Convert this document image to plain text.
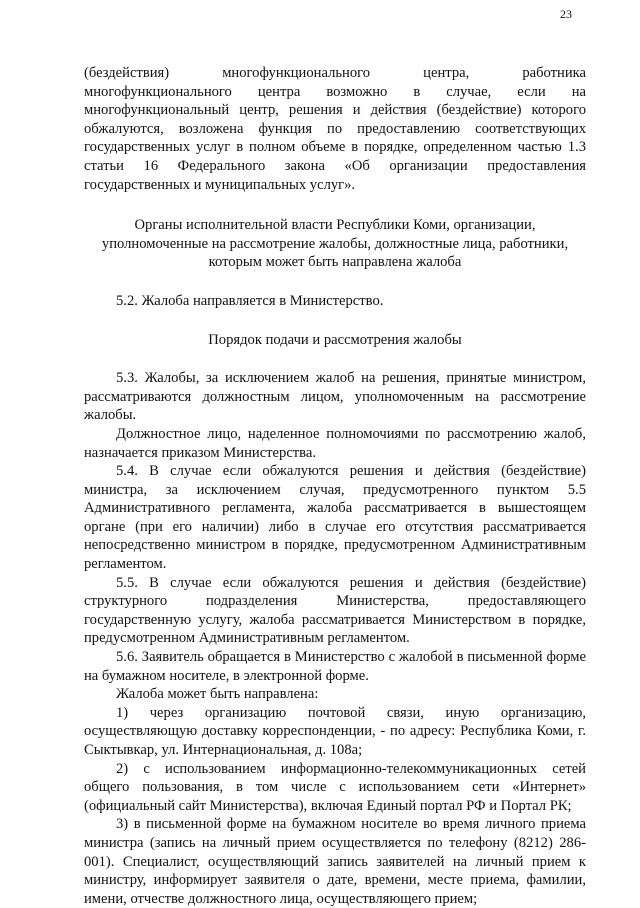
23

(бездействия) многофункционального центра, работника многофункционального центра возможно в случае, если на многофункциональный центр, решения и действия (бездействие) которого обжалуются, возложена функция по предоставлению соответствующих государственных услуг в полном объеме в порядке, определенном частью 1.3 статьи 16 Федерального закона «Об организации предоставления государственных и муниципальных услуг».

Органы исполнительной власти Республики Коми, организации, уполномоченные на рассмотрение жалобы, должностные лица, работники, которым может быть направлена жалоба

5.2. Жалоба направляется в Министерство.

Порядок подачи и рассмотрения жалобы

5.3. Жалобы, за исключением жалоб на решения, принятые министром, рассматриваются должностным лицом, уполномоченным на рассмотрение жалобы.

Должностное лицо, наделенное полномочиями по рассмотрению жалоб, назначается приказом Министерства.

5.4. В случае если обжалуются решения и действия (бездействие) министра, за исключением случая, предусмотренного пунктом 5.5 Административного регламента, жалоба рассматривается в вышестоящем органе (при его наличии) либо в случае его отсутствия рассматривается непосредственно министром в порядке, предусмотренном Административным регламентом.

5.5. В случае если обжалуются решения и действия (бездействие) структурного подразделения Министерства, предоставляющего государственную услугу, жалоба рассматривается Министерством в порядке, предусмотренном Административным регламентом.

5.6. Заявитель обращается в Министерство с жалобой в письменной форме на бумажном носителе, в электронной форме.

Жалоба может быть направлена:

1) через организацию почтовой связи, иную организацию, осуществляющую доставку корреспонденции, - по адресу: Республика Коми, г. Сыктывкар, ул. Интернациональная, д. 108а;

2) с использованием информационно-телекоммуникационных сетей общего пользования, в том числе с использованием сети «Интернет» (официальный сайт Министерства), включая Единый портал РФ и Портал РК;

3) в письменной форме на бумажном носителе во время личного приема министра (запись на личный прием осуществляется по телефону (8212) 286-001). Специалист, осуществляющий запись заявителей на личный прием к министру, информирует заявителя о дате, времени, месте приема, фамилии, имени, отчестве должностного лица, осуществляющего прием;
